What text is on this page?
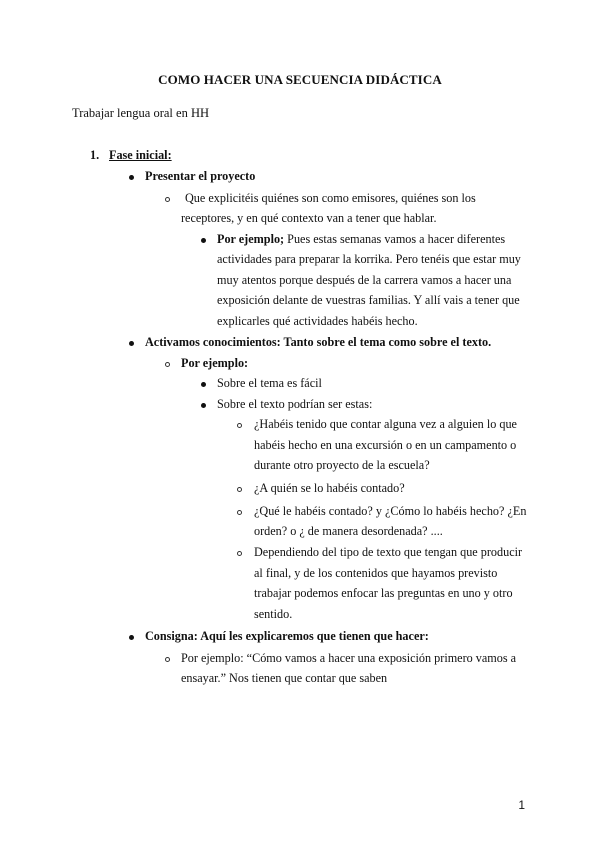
COMO HACER UNA SECUENCIA DIDÁCTICA
Trabajar lengua oral en HH
1. Fase inicial:
Presentar el proyecto
Que explicitéis quiénes son como emisores, quiénes son los
receptores, y en qué contexto van a tener que hablar.
Por ejemplo; Pues estas semanas vamos a hacer diferentes
actividades para preparar la korrika. Pero tenéis que estar muy
muy atentos porque después de la carrera vamos a hacer una
exposición delante de vuestras familias. Y allí vais a tener que
explicarles qué actividades habéis hecho.
Activamos conocimientos: Tanto sobre el tema como sobre el texto.
Por ejemplo:
Sobre el tema es fácil
Sobre el texto podrían ser estas:
¿Habéis tenido que contar alguna vez a alguien lo que
habéis hecho en una excursión o en un campamento o
durante otro proyecto de la escuela?
¿A quién se lo habéis contado?
¿Qué le habéis contado? y ¿Cómo lo habéis hecho? ¿En
orden? o ¿ de manera desordenada? ....
Dependiendo del tipo de texto que tengan que producir
al final, y de los contenidos que hayamos previsto
trabajar podemos enfocar las preguntas en uno y otro
sentido.
Consigna: Aquí les explicaremos que tienen que hacer:
Por ejemplo: “Cómo vamos a hacer una exposición primero vamos a
ensayar.” Nos tienen que contar que saben
1
